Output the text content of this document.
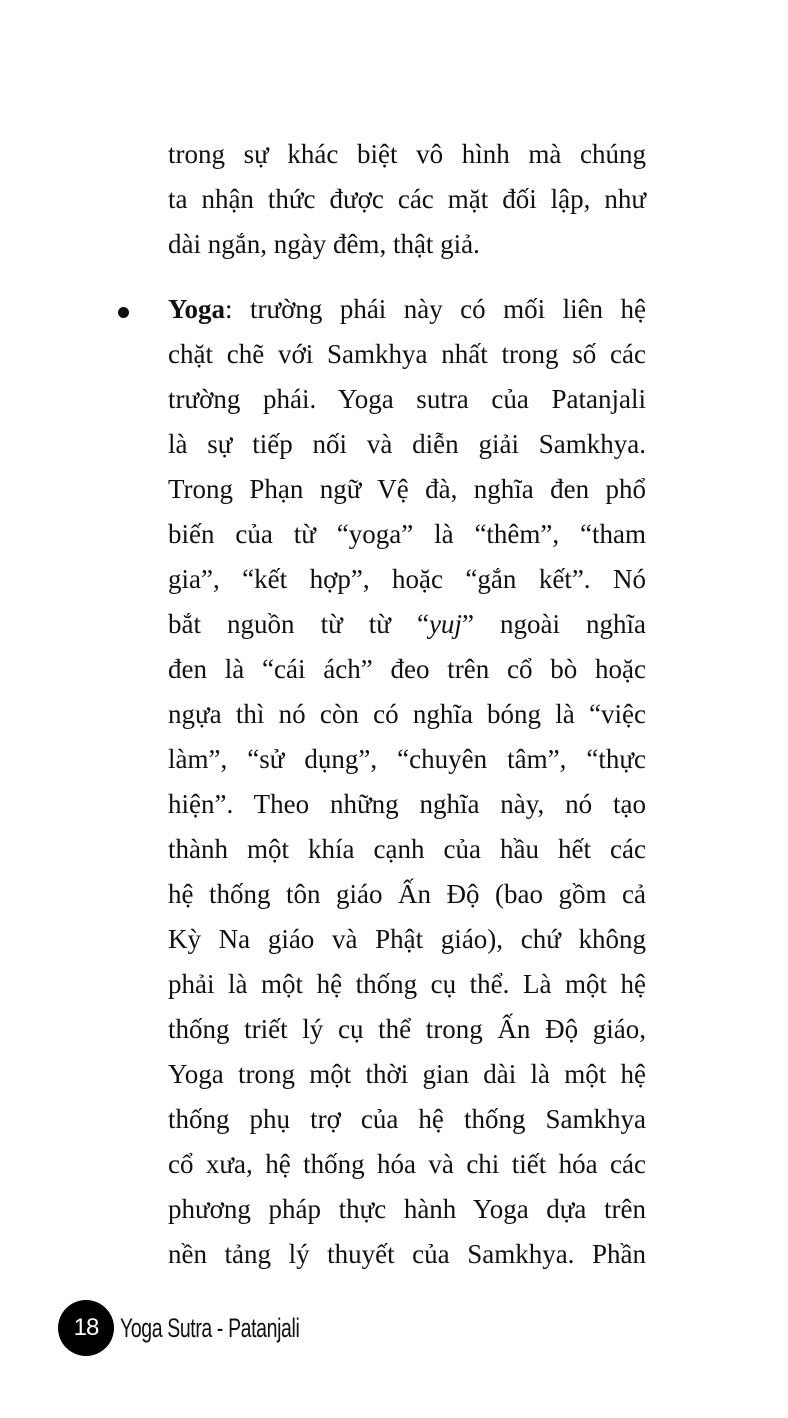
trong sự khác biệt vô hình mà chúng
ta nhận thức được các mặt đối lập, như
dài ngắn, ngày đêm, thật giả.
Yoga: trường phái này có mối liên hệ
chặt chẽ với Samkhya nhất trong số các
trường phái. Yoga sutra của Patanjali
là sự tiếp nối và diễn giải Samkhya.
Trong Phạn ngữ Vệ đà, nghĩa đen phổ
biến của từ “yoga” là “thêm”, “tham
gia”, “kết hợp”, hoặc “gắn kết”. Nó
bắt nguồn từ từ “yuj” ngoài nghĩa
đen là “cái ách” đeo trên cổ bò hoặc
ngựa thì nó còn có nghĩa bóng là “việc
làm”, “sử dụng”, “chuyên tâm”, “thực
hiện”. Theo những nghĩa này, nó tạo
thành một khía cạnh của hầu hết các
hệ thống tôn giáo Ấn Độ (bao gồm cả
Kỳ Na giáo và Phật giáo), chứ không
phải là một hệ thống cụ thể. Là một hệ
thống triết lý cụ thể trong Ấn Độ giáo,
Yoga trong một thời gian dài là một hệ
thống phụ trợ của hệ thống Samkhya
cổ xưa, hệ thống hóa và chi tiết hóa các
phương pháp thực hành Yoga dựa trên
nền tảng lý thuyết của Samkhya. Phần
18 Yoga Sutra - Patanjali
